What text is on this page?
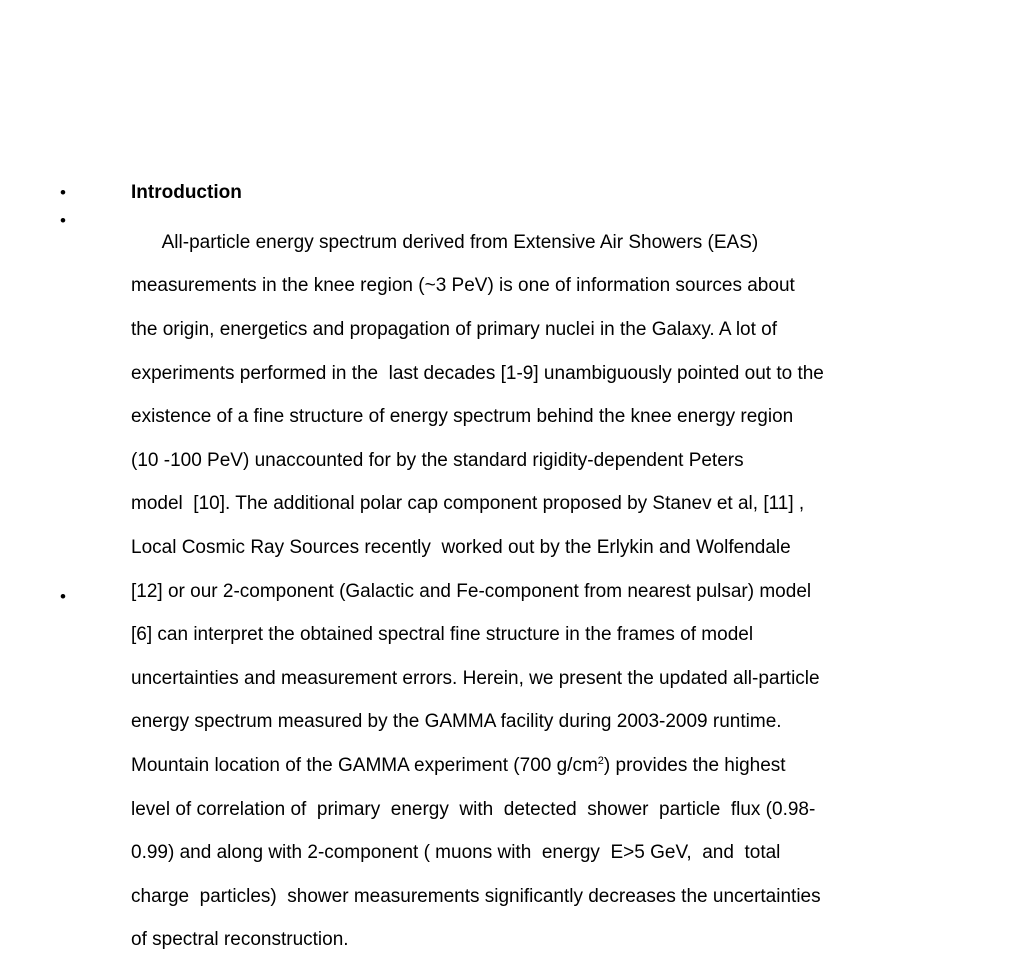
•	Introduction
•

All-particle energy spectrum derived from Extensive Air Showers (EAS)

measurements in the knee region (~3 PeV) is one of information sources about

the origin, energetics and propagation of primary nuclei in the Galaxy. A lot of

experiments performed in the  last decades [1-9] unambiguously pointed out to the

existence of a fine structure of energy spectrum behind the knee energy region

(10 -100 PeV) unaccounted for by the standard rigidity-dependent Peters

model  [10]. The additional polar cap component proposed by Stanev et al, [11] ,

Local Cosmic Ray Sources recently  worked out by the Erlykin and Wolfendale

[12] or our 2-component (Galactic and Fe-component from nearest pulsar) model

[6] can interpret the obtained spectral fine structure in the frames of model

uncertainties and measurement errors. Herein, we present the updated all-particle

energy spectrum measured by the GAMMA facility during 2003-2009 runtime.

Mountain location of the GAMMA experiment (700 $g/cm^2$) provides the highest

level of correlation of  primary  energy  with  detected  shower  particle  flux (0.98-

0.99) and along with 2-component ( muons with  energy  E>5 GeV,  and  total

charge  particles)  shower measurements significantly decreases the uncertainties

of spectral reconstruction.

•
